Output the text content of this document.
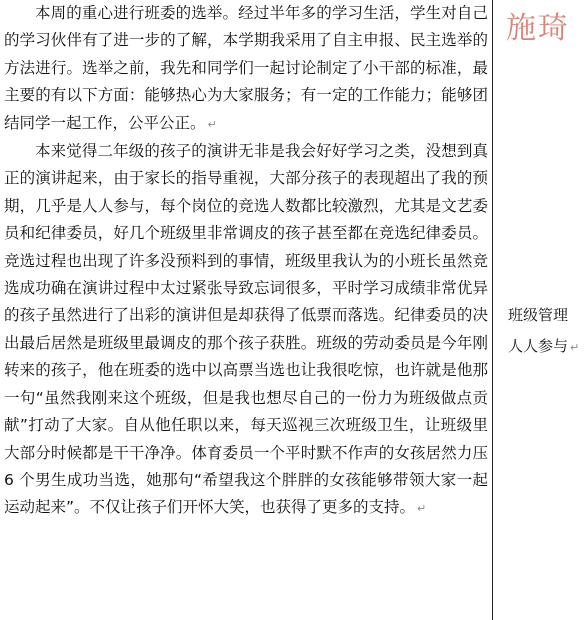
本周的重心进行班委的选举。经过半年多的学习生活，学生对自己的学习伙伴有了进一步的了解，本学期我采用了自主申报、民主选举的方法进行。选举之前，我先和同学们一起讨论制定了小干部的标准，最主要的有以下方面：能够热心为大家服务；有一定的工作能力；能够团结同学一起工作，公平公正。 ↵

本来觉得二年级的孩子的演讲无非是我会好好学习之类，没想到真正的演讲起来，由于家长的指导重视，大部分孩子的表现超出了我的预期，几乎是人人参与，每个岗位的竞选人数都比较激烈，尤其是文艺委员和纪律委员，好几个班级里非常调皮的孩子甚至都在竞选纪律委员。竞选过程也出现了许多没预料到的事情，班级里我认为的小班长虽然竞选成功确在演讲过程中太过紧张导致忘词很多，平时学习成绩非常优异的孩子虽然进行了出彩的演讲但是却获得了低票而落选。纪律委员的决出最后居然是班级里最调皮的那个孩子获胜。班级的劳动委员是今年刚转来的孩子，他在班委的选中以高票当选也让我很吃惊，也许就是他那一句“虽然我刚来这个班级，但是我也想尽自己的一份力为班级做点贡献”打动了大家。自从他任职以来，每天巡视三次班级卫生，让班级里大部分时候都是干干净净。体育委员一个平时默不作声的女孩居然力压 6 个男生成功当选，她那句“希望我这个胖胖的女孩能够带领大家一起运动起来”。不仅让孩子们开怀大笑，也获得了更多的支持。 ↵

施琦
班级管理
人人参与 ↵
